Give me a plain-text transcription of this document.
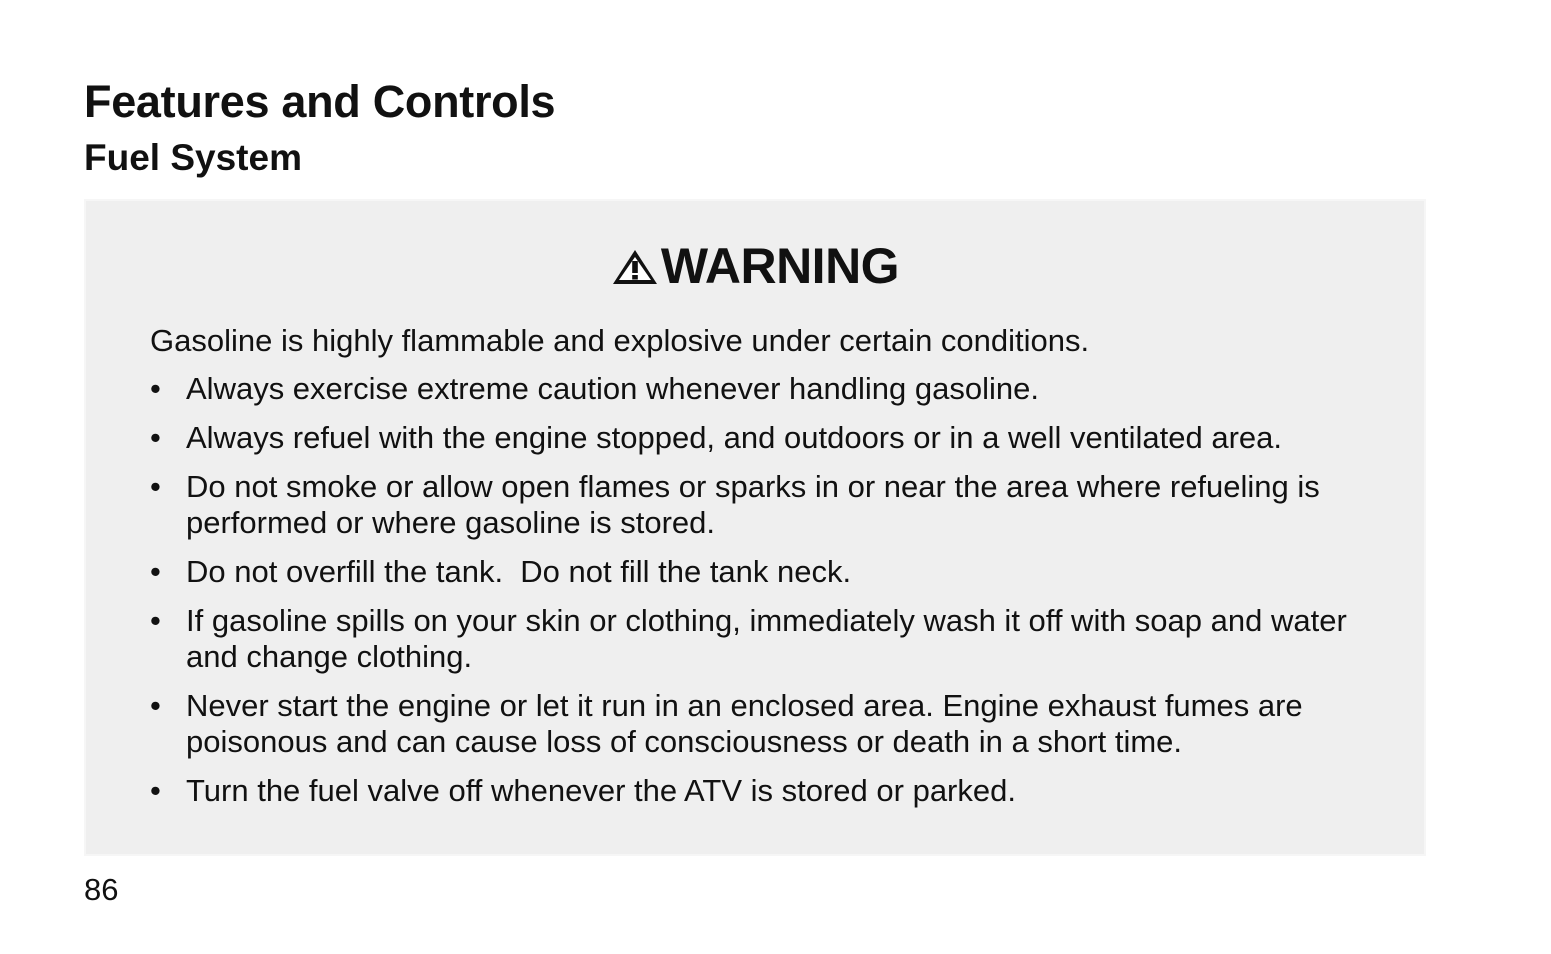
Features and Controls
Fuel System
WARNING
Gasoline is highly flammable and explosive under certain conditions.
• Always exercise extreme caution whenever handling gasoline.
• Always refuel with the engine stopped, and outdoors or in a well ventilated area.
• Do not smoke or allow open flames or sparks in or near the area where refueling is performed or where gasoline is stored.
• Do not overfill the tank.  Do not fill the tank neck.
• If gasoline spills on your skin or clothing, immediately wash it off with soap and water and change clothing.
• Never start the engine or let it run in an enclosed area. Engine exhaust fumes are poisonous and can cause loss of consciousness or death in a short time.
• Turn the fuel valve off whenever the ATV is stored or parked.
86
